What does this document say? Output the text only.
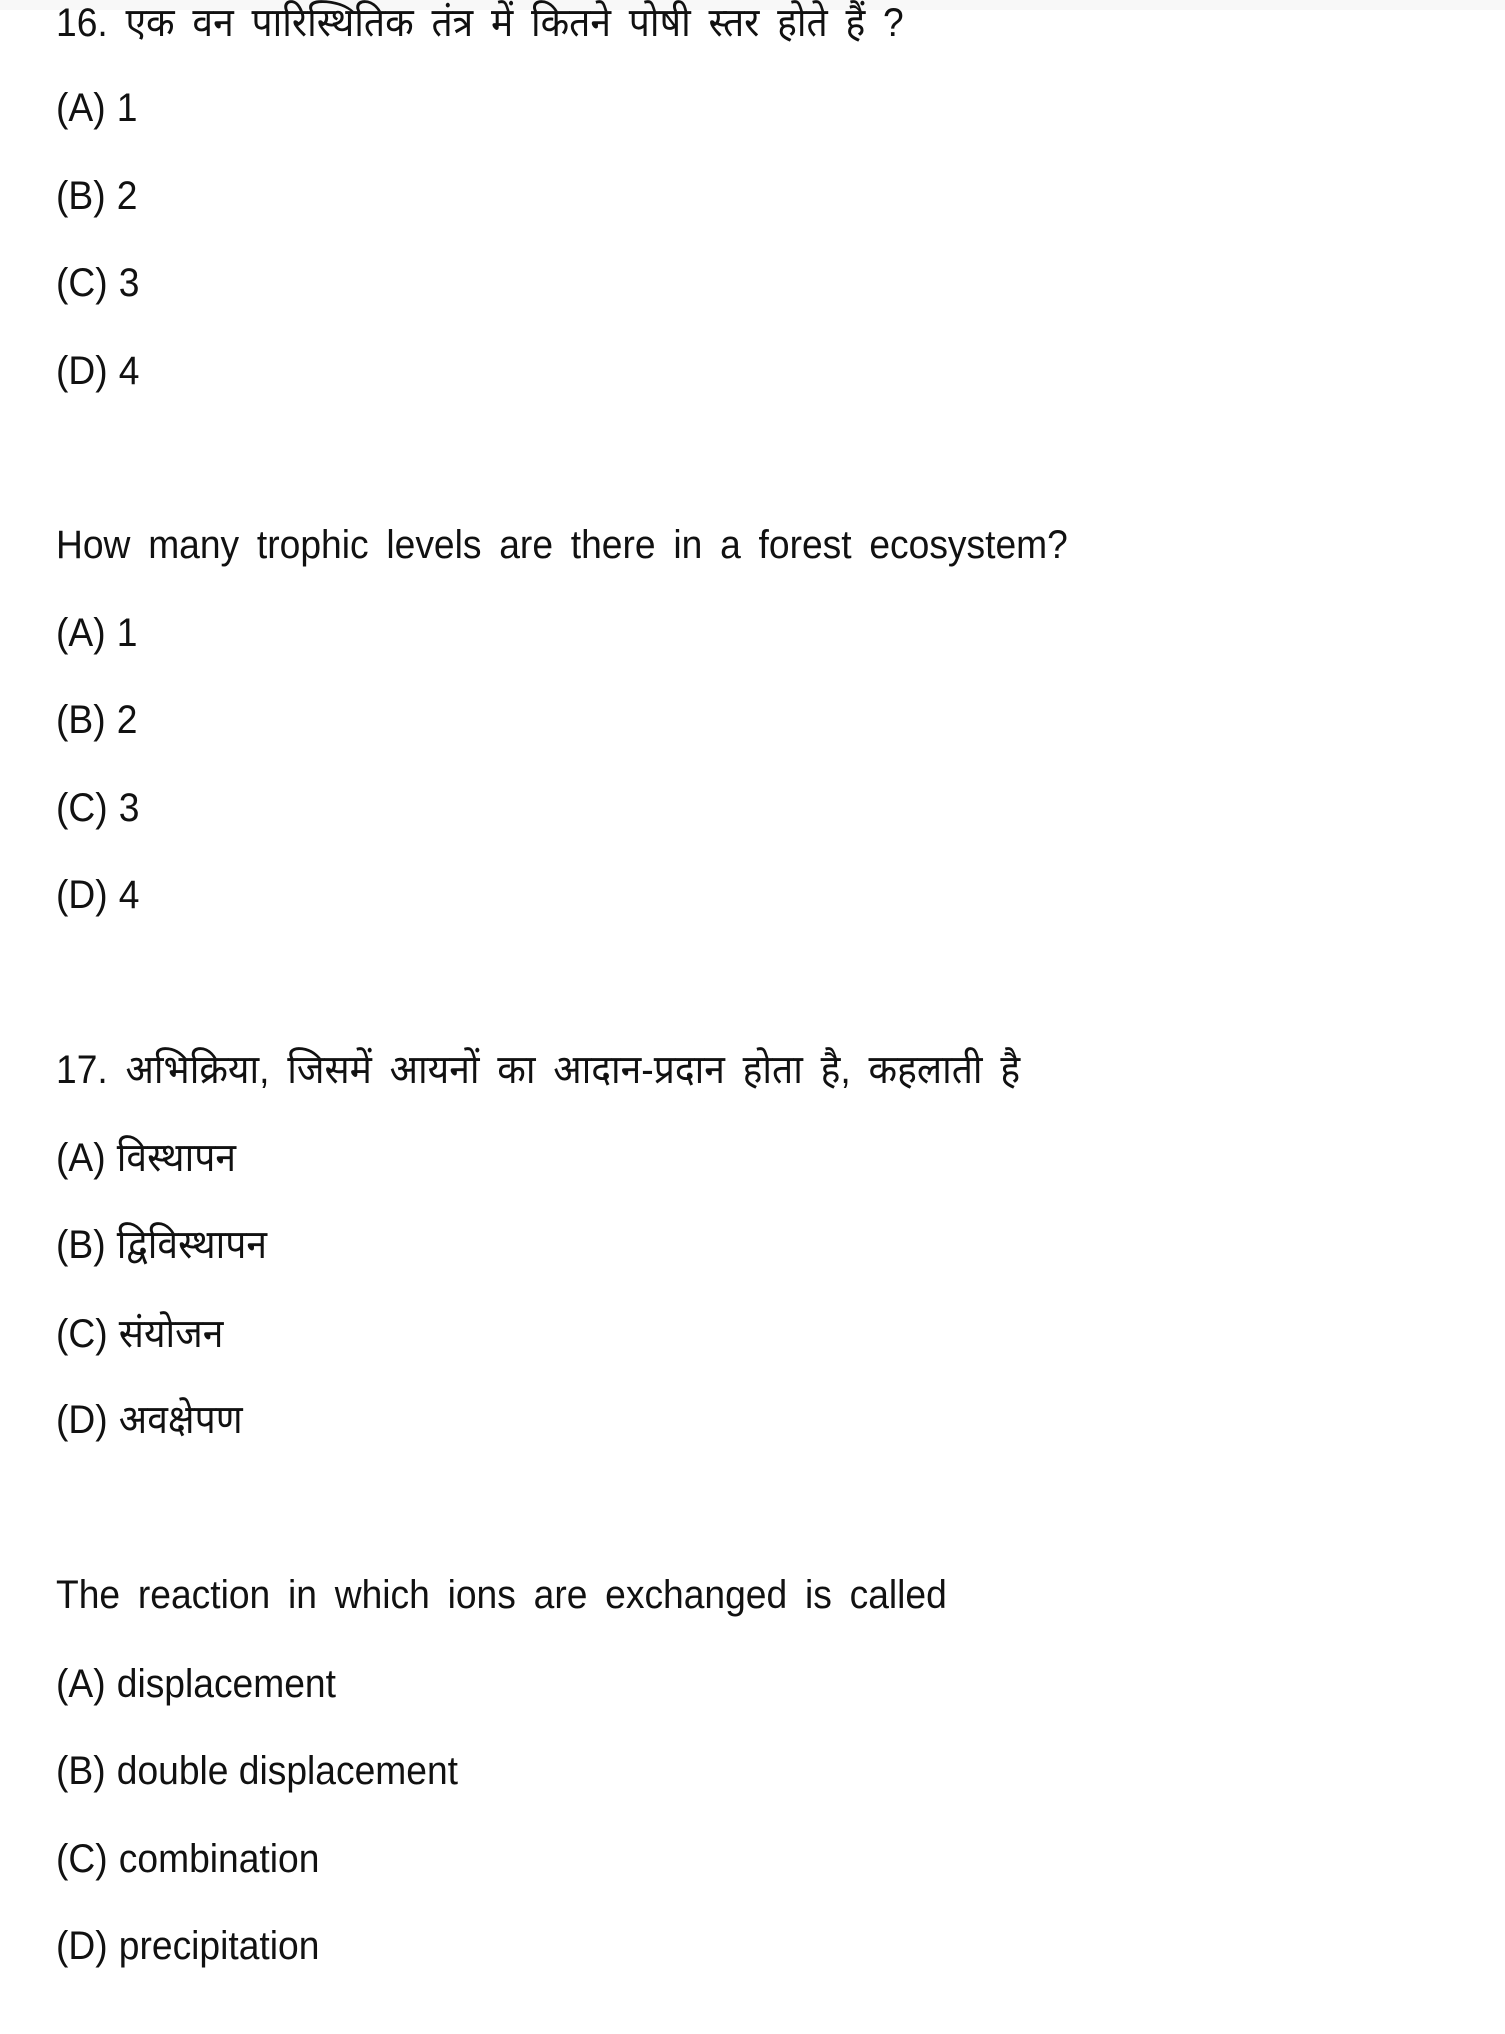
16. एक वन पारिस्थितिक तंत्र में कितने पोषी स्तर होते हैं ?
(A) 1
(B) 2
(C) 3
(D) 4
How many trophic levels are there in a forest ecosystem?
(A) 1
(B) 2
(C) 3
(D) 4
17. अभिक्रिया, जिसमें आयनों का आदान-प्रदान होता है, कहलाती है
(A) विस्थापन
(B) द्विविस्थापन
(C) संयोजन
(D) अवक्षेपण
The reaction in which ions are exchanged is called
(A) displacement
(B) double displacement
(C) combination
(D) precipitation
